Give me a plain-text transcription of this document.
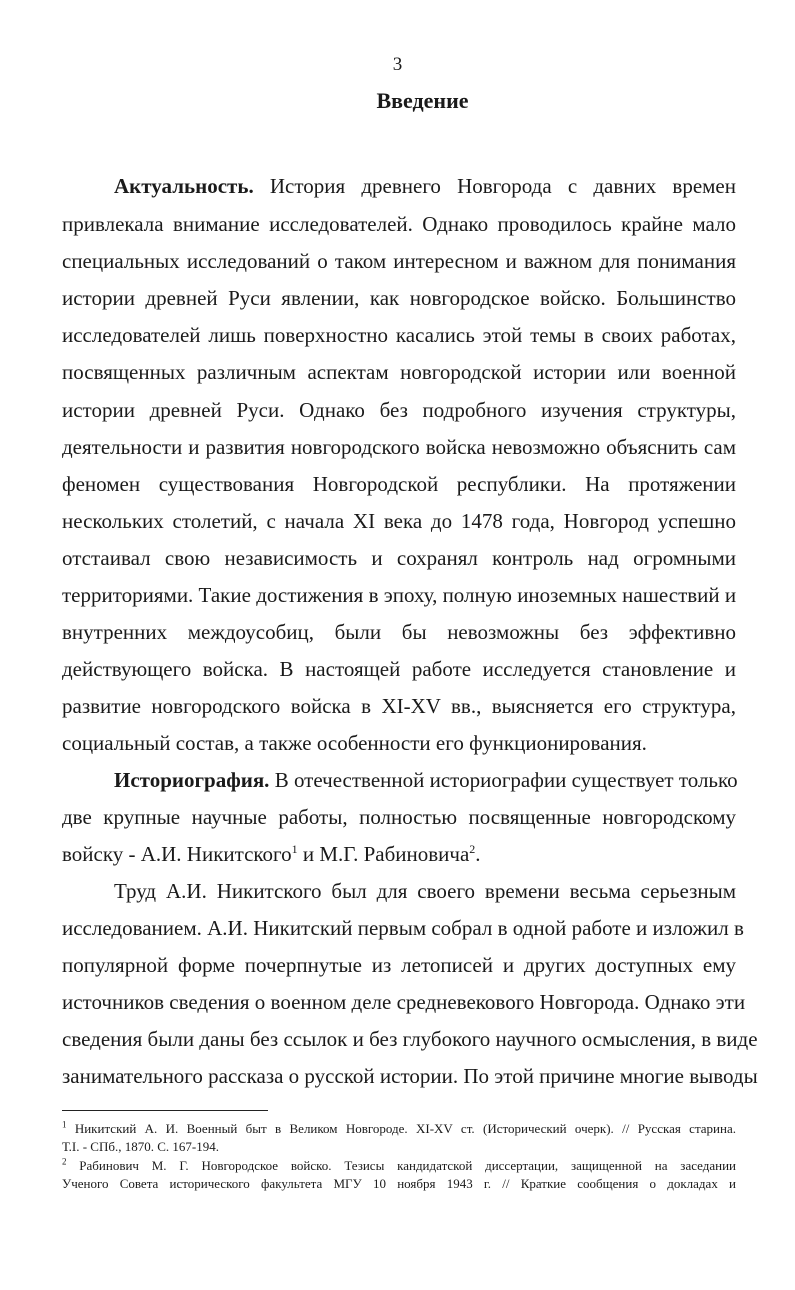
3
Введение
Актуальность. История древнего Новгорода с давних времен
привлекала внимание исследователей. Однако проводилось крайне мало
специальных исследований о таком интересном и важном для понимания
истории древней Руси явлении, как новгородское войско. Большинство
исследователей лишь поверхностно касались этой темы в своих работах,
посвященных различным аспектам новгородской истории или военной
истории древней Руси. Однако без подробного изучения структуры,
деятельности и развития новгородского войска невозможно объяснить сам
феномен существования Новгородской республики. На протяжении
нескольких столетий, с начала XI века до 1478 года, Новгород успешно
отстаивал свою независимость и сохранял контроль над огромными
территориями. Такие достижения в эпоху, полную иноземных нашествий и
внутренних междоусобиц, были бы невозможны без эффективно
действующего войска. В настоящей работе исследуется становление и
развитие новгородского войска в XI-XV вв., выясняется его структура,
социальный состав, а также особенности его функционирования.
Историография. В отечественной историографии существует только
две крупные научные работы, полностью посвященные новгородскому
войску - А.И. Никитского$^1$ и М.Г. Рабиновича$^2$.
Труд А.И. Никитского был для своего времени весьма серьезным
исследованием. А.И. Никитский первым собрал в одной работе и изложил в
популярной форме почерпнутые из летописей и других доступных ему
источников сведения о военном деле средневекового Новгорода. Однако эти
сведения были даны без ссылок и без глубокого научного осмысления, в виде
занимательного рассказа о русской истории. По этой причине многие выводы
$^1$ Никитский А. И. Военный быт в Великом Новгороде. XI-XV ст. (Исторический очерк). // Русская старина.
Т.I. - СПб., 1870. С. 167-194.
$^2$ Рабинович М. Г. Новгородское войско. Тезисы кандидатской диссертации, защищенной на заседании
Ученого Совета исторического факультета МГУ 10 ноября 1943 г. // Краткие сообщения о докладах и
